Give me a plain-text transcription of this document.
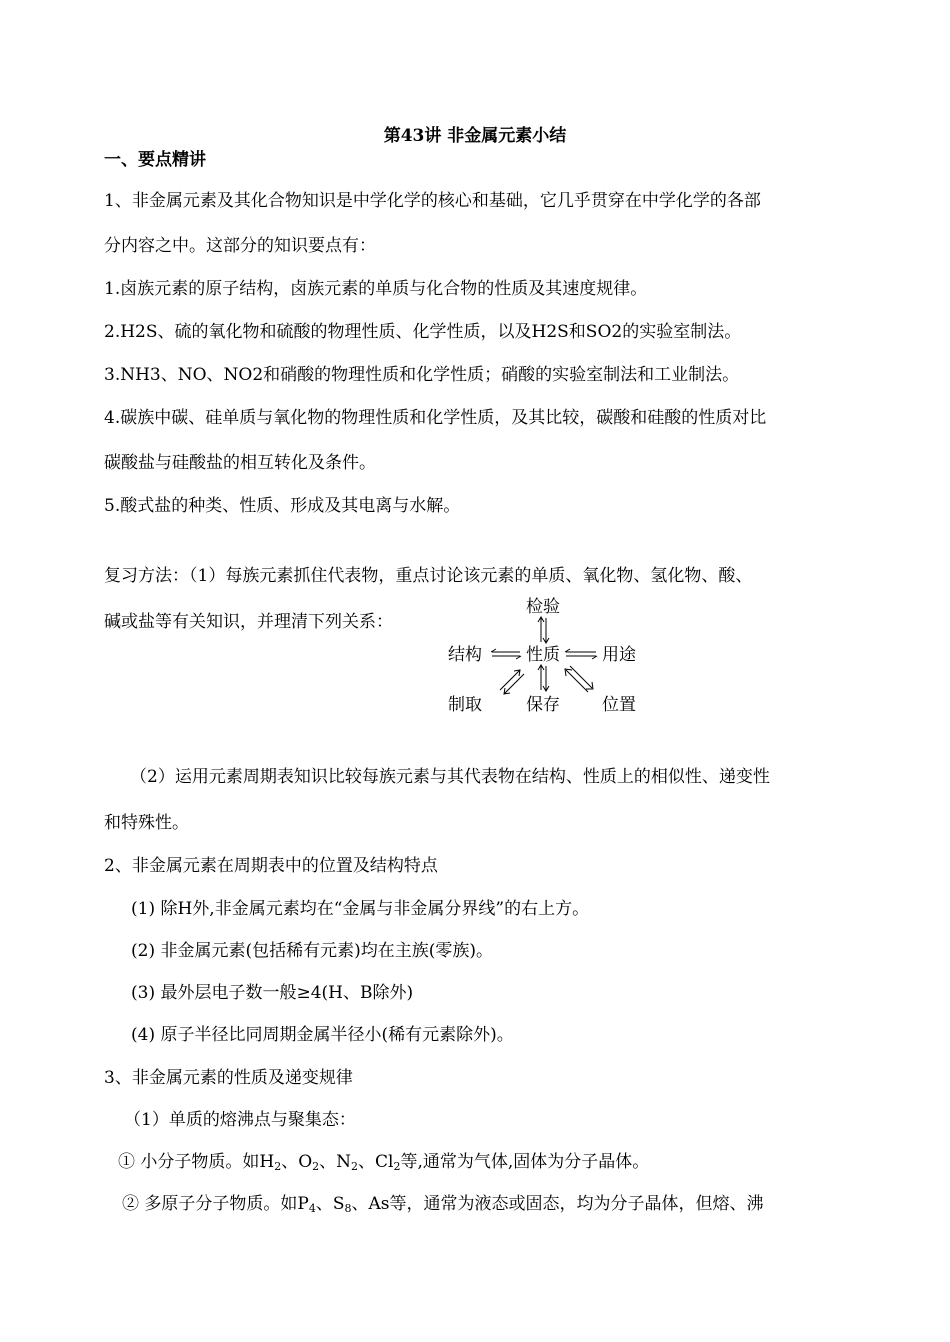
第43讲 非金属元素小结
一、要点精讲
1、非金属元素及其化合物知识是中学化学的核心和基础，它几乎贯穿在中学化学的各部
分内容之中。这部分的知识要点有：
1.卤族元素的原子结构，卤族元素的单质与化合物的性质及其速度规律。
2.H2S、硫的氧化物和硫酸的物理性质、化学性质，以及H2S和SO2的实验室制法。
3.NH3、NO、NO2和硝酸的物理性质和化学性质；硝酸的实验室制法和工业制法。
4.碳族中碳、硅单质与氧化物的物理性质和化学性质，及其比较，碳酸和硅酸的性质对比
碳酸盐与硅酸盐的相互转化及条件。
5.酸式盐的种类、性质、形成及其电离与水解。
复习方法：（1）每族元素抓住代表物，重点讨论该元素的单质、氧化物、氢化物、酸、
碱或盐等有关知识，并理清下列关系：
检验
结构	性质 用途
制取	保存 位置
（2）运用元素周期表知识比较每族元素与其代表物在结构、性质上的相似性、递变性
和特殊性。
2、非金属元素在周期表中的位置及结构特点
(1) 除H外,非金属元素均在“金属与非金属分界线”的右上方。
(2) 非金属元素(包括稀有元素)均在主族(零族)。
(3) 最外层电子数一般≥4(H、B除外)
(4) 原子半径比同周期金属半径小(稀有元素除外)。
3、非金属元素的性质及递变规律
（1）单质的熔沸点与聚集态：
① 小分子物质。如$H_2$、$O_2$、$N_2$、$Cl_2$等,通常为气体,固体为分子晶体。
② 多原子分子物质。如$P_4$、$S_8$、As等，通常为液态或固态，均为分子晶体，但熔、沸
